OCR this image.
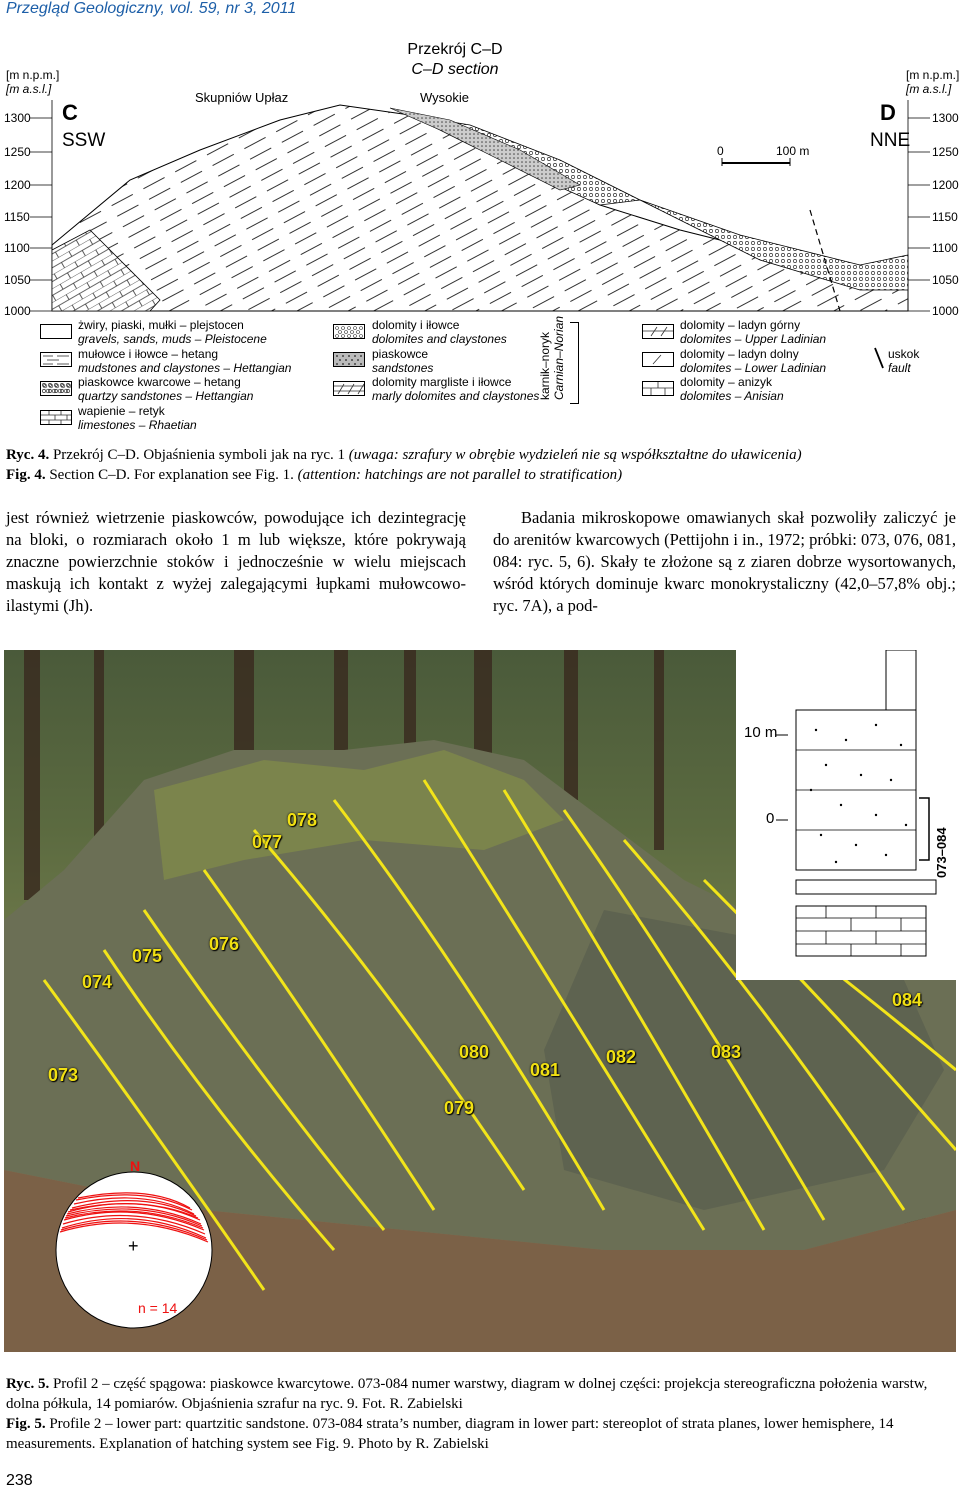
Przegląd Geologiczny, vol. 59, nr 3, 2011
Przekrój C–D
C–D section
[m n.p.m.]
[m a.s.l.]
[m n.p.m.]
[m a.s.l.]
C
SSW
D
NNE
Skupniów Upłaz	Wysokie
0	100 m
1300
1250
1200
1150
1100
1050
1000
1300
1250
1200
1150
1100
1050
1000
żwiry, piaski, mułki – plejstocen
gravels, sands, muds – Pleistocene
mułowce i iłowce – hetang
mudstones and claystones – Hettangian
piaskowce kwarcowe – hetang
quartzy sandstones – Hettangian
wapienie – retyk
limestones – Rhaetian
dolomity i iłowce
dolomites and claystones
piaskowce
sandstones
dolomity margliste i iłowce
marly dolomites and claystones
karnik–noryk Carnian–Norian	dolomity – ladyn górny
dolomites – Upper Ladinian
dolomity – ladyn dolny
dolomites – Lower Ladinian
dolomity – anizyk
dolomites – Anisian
uskok
fault
Ryc. 4. Przekrój C–D. Objaśnienia symboli jak na ryc. 1 (uwaga: szrafury w obrębie wydzieleń nie są współkształtne do uławicenia)
Fig. 4. Section C–D. For explanation see Fig. 1. (attention: hatchings are not parallel to stratification)
jest również wietrzenie piaskowców, powodujące ich dezintegrację na bloki, o rozmiarach około 1 m lub większe, które pokrywają znaczne powierzchnie stoków i jednocześnie w wielu miejscach maskują ich kontakt z wyżej zalegającymi łupkami mułowcowo-ilastymi (Jh).
Badania mikroskopowe omawianych skał pozwoliły zaliczyć je do arenitów kwarcowych (Pettijohn i in., 1972; próbki: 073, 076, 081, 084: ryc. 5, 6). Skały te złożone są z ziaren dobrze wysortowanych, wśród których dominuje kwarc monokrystaliczny (42,0–57,8% obj.; ryc. 7A), a pod-
073
074
075
076
077
078
079
080
081
082	083
084
10 m
0
073–084
N
+
n = 14
Ryc. 5. Profil 2 – część spągowa: piaskowce kwarcytowe. 073-084 numer warstwy, diagram w dolnej części: projekcja stereograficzna położenia warstw, dolna półkula, 14 pomiarów. Objaśnienia szrafur na ryc. 9. Fot. R. Zabielski
Fig. 5. Profile 2 – lower part: quartzitic sandstone. 073-084 strata’s number, diagram in lower part: stereoplot of strata planes, lower hemisphere, 14 measurements. Explanation of hatching system see Fig. 9. Photo by R. Zabielski
238
